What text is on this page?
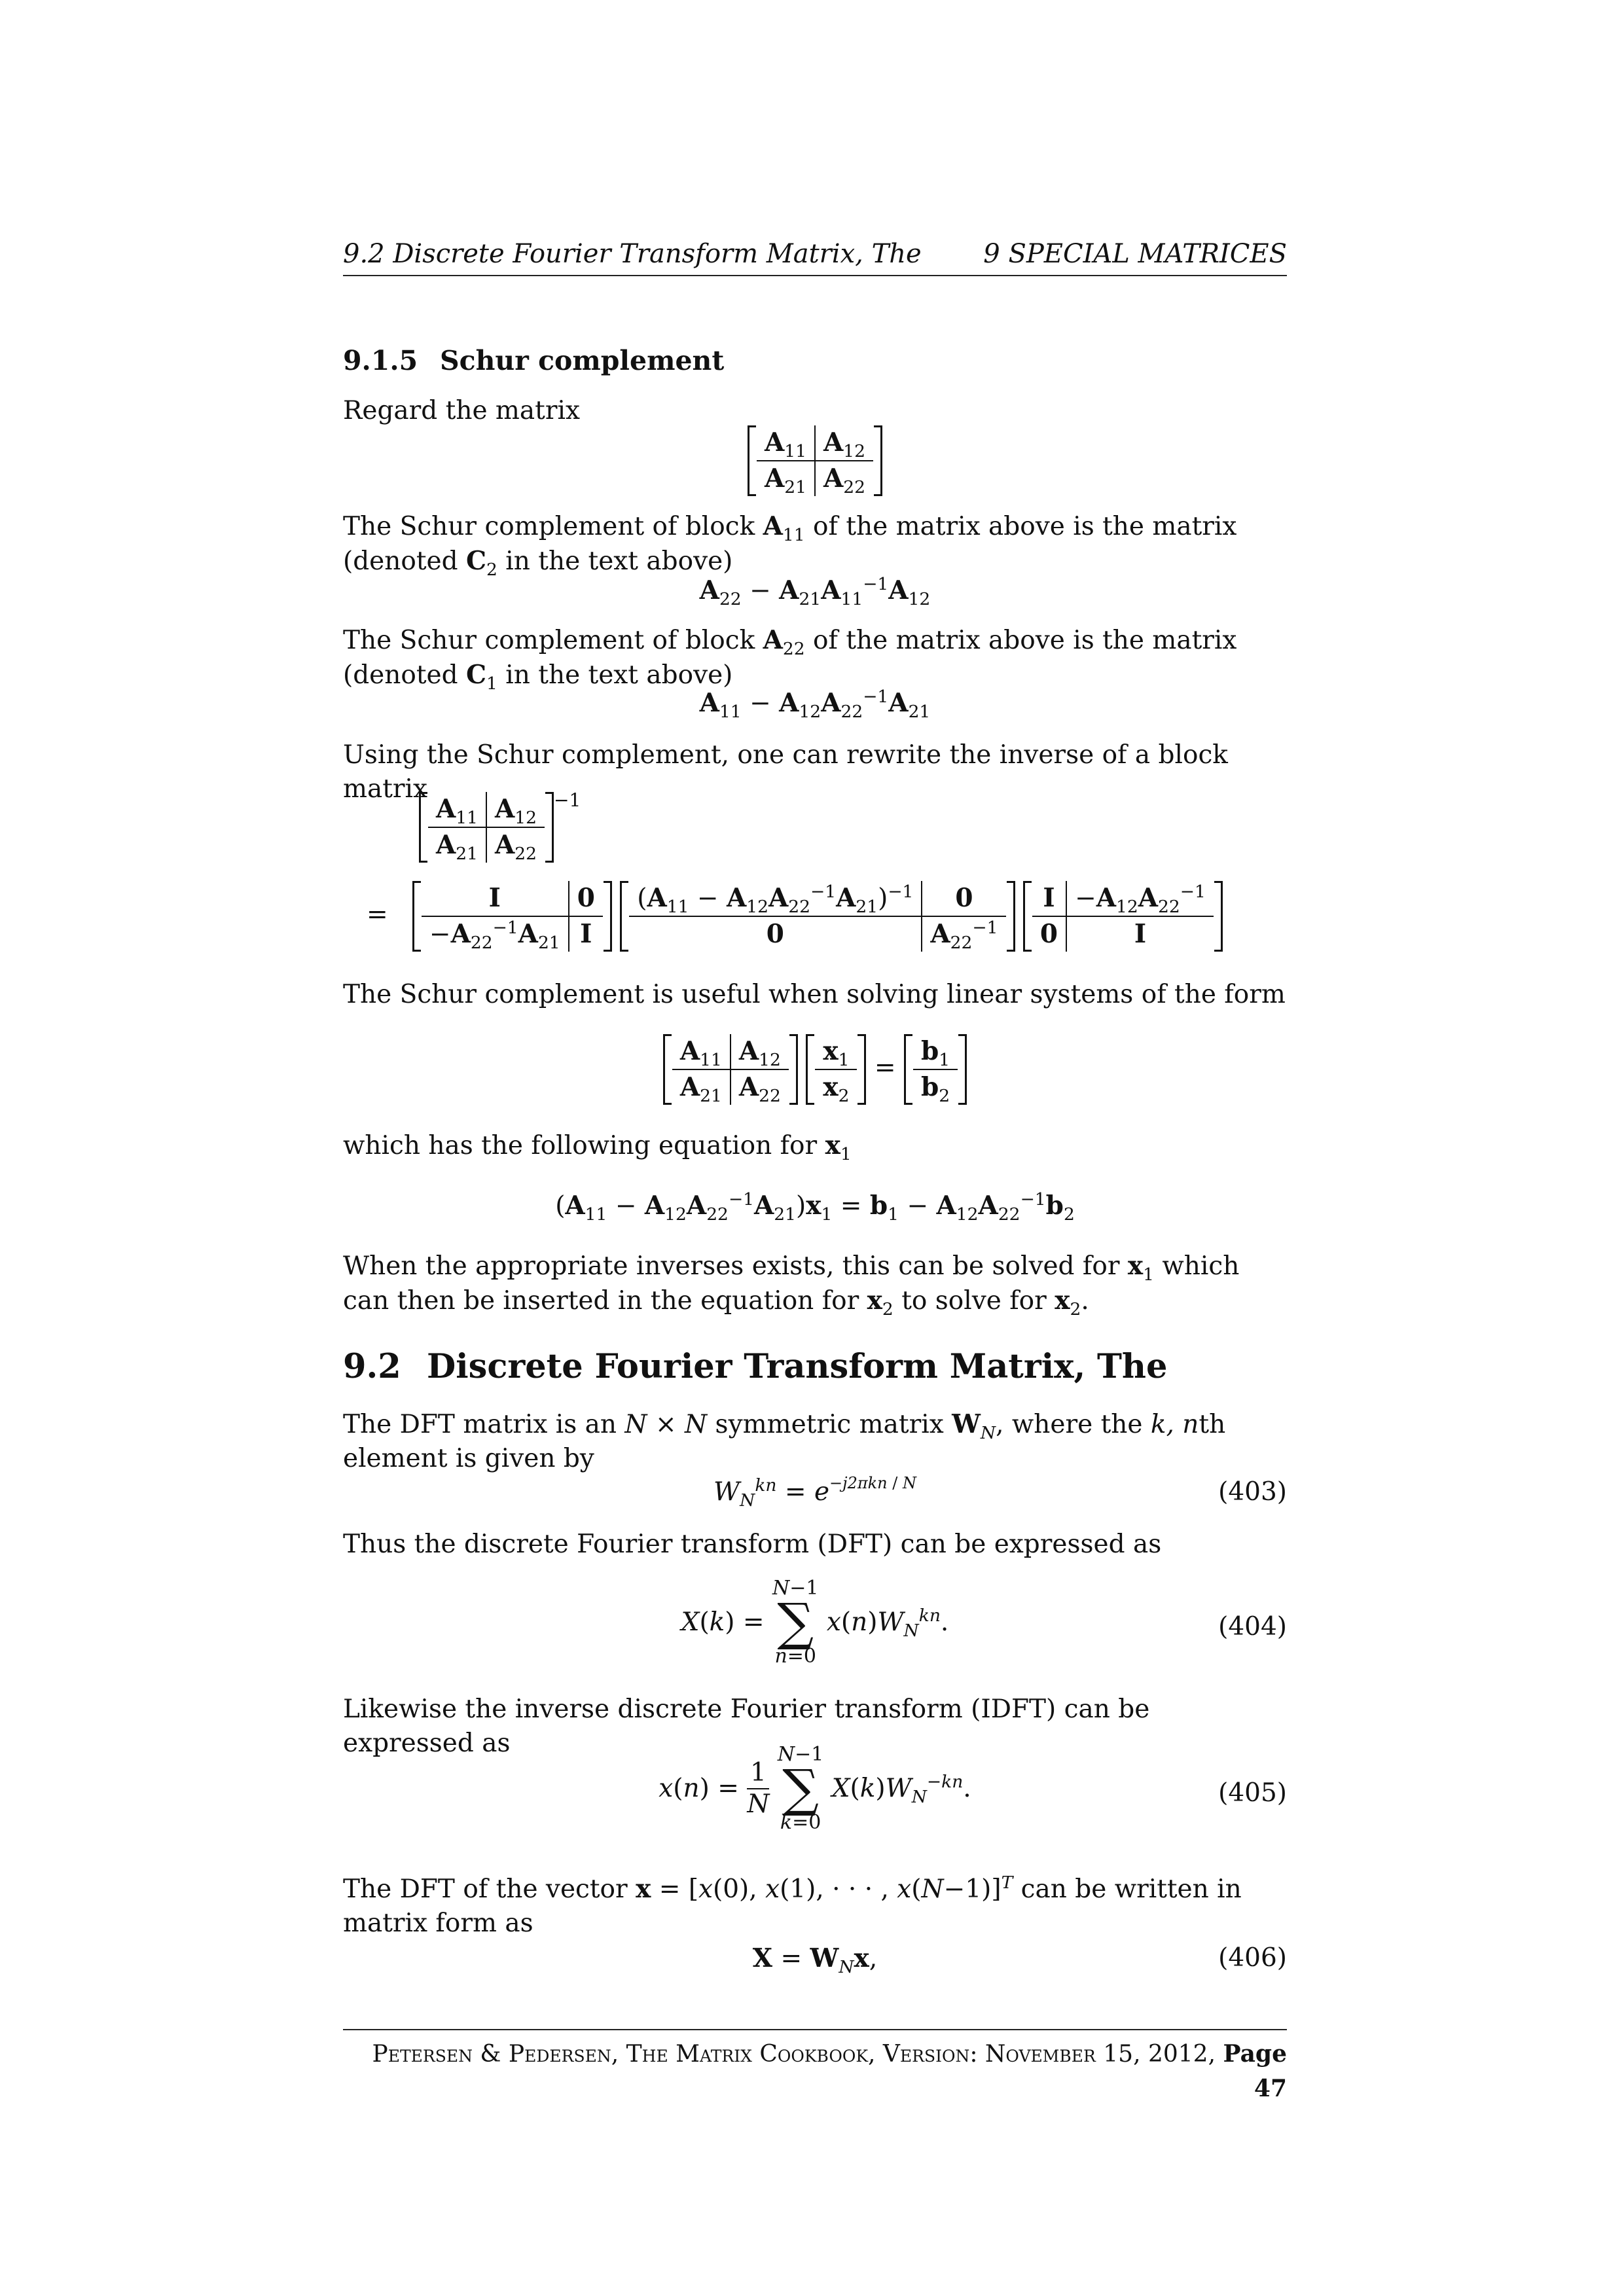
9.2 Discrete Fourier Transform Matrix, The 9 SPECIAL MATRICES
9.1.5 Schur complement
Regard the matrix
$A_{11}$	$A_{12}$
$A_{21}$	$A_{22}$
The Schur complement of block $A_{11}$ of the matrix above is the matrix (denoted $C_2$ in the text above)
$A_{22} - A_{21}A_{11}^{-1}A_{12}$
The Schur complement of block $A_{22}$ of the matrix above is the matrix (denoted $C_1$ in the text above)
$A_{11} - A_{12}A_{22}^{-1}A_{21}$
Using the Schur complement, one can rewrite the inverse of a block matrix
$A_{11}$	$A_{12}$
$A_{21}$	$A_{22}$
$^{-1}$
=
I	0
$-A_{22}^{-1}A_{21}$	I

$(A_{11} - A_{12}A_{22}^{-1}A_{21})^{-1}$	0
0	$A_{22}^{-1}$

I	$-A_{12}A_{22}^{-1}$
0	I
The Schur complement is useful when solving linear systems of the form
$A_{11}$	$A_{12}$
$A_{21}$	$A_{22}$

$x_1$
$x_2$
=
$b_1$
$b_2$
which has the following equation for $x_1$
$(A_{11} - A_{12}A_{22}^{-1}A_{21})x_1 = b_1 - A_{12}A_{22}^{-1}b_2$
When the appropriate inverses exists, this can be solved for $x_1$ which can then be inserted in the equation for $x_2$ to solve for $x_2$.
9.2 Discrete Fourier Transform Matrix, The
The DFT matrix is an N × N symmetric matrix $W_N$, where the k, nth element is given by
$W_N^{kn} = e^{-j2\pi kn / N}$	(403)
Thus the discrete Fourier transform (DFT) can be expressed as
X(k) =
N−1
∑
n=0
$x(n)W_N^{kn}$.	(404)
Likewise the inverse discrete Fourier transform (IDFT) can be expressed as
$x(n) = \frac{1}{N}$

N−1
∑
k=0
$X(k)W_N^{-kn}$.	(405)
The DFT of the vector x = [x(0), x(1), · · · , x(N−1)]$^T$ can be written in matrix form as
$X = W_Nx$,	(406)
Petersen & Pedersen, The Matrix Cookbook, Version: November 15, 2012, Page 47
